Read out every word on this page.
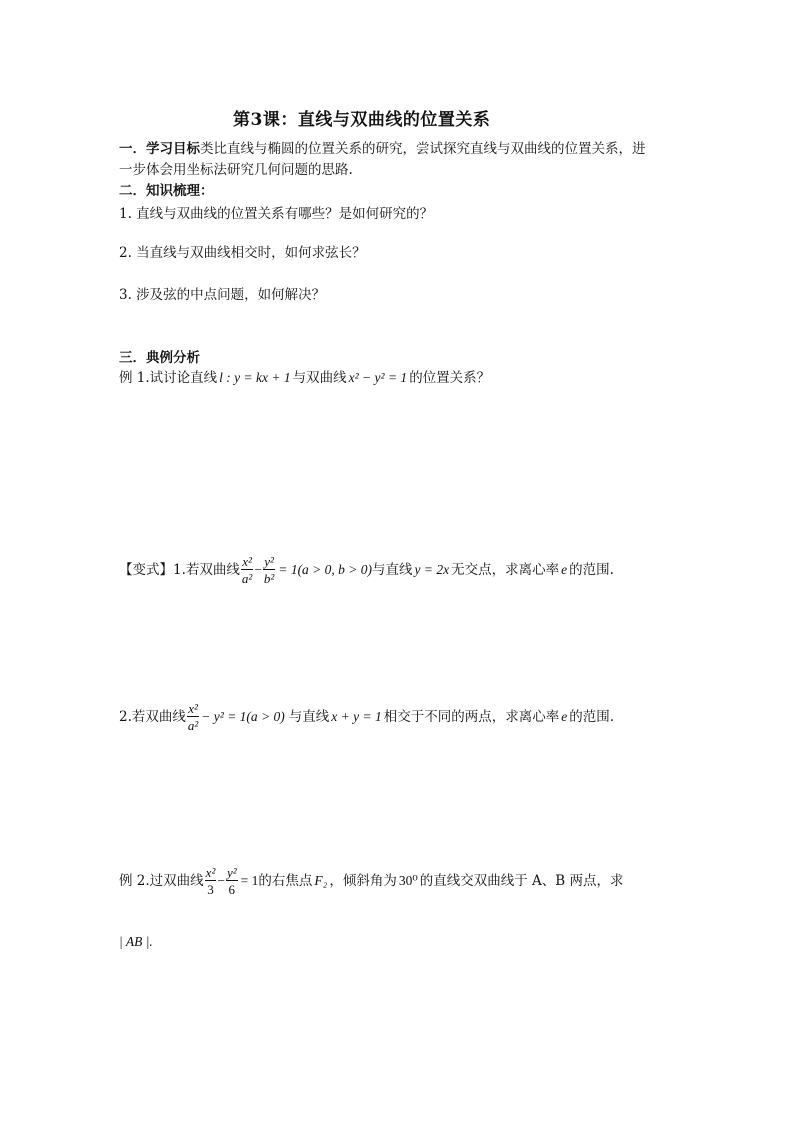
第3课：直线与双曲线的位置关系
一．学习目标类比直线与椭圆的位置关系的研究，尝试探究直线与双曲线的位置关系，进
一步体会用坐标法研究几何问题的思路.
二．知识梳理：
1. 直线与双曲线的位置关系有哪些？是如何研究的？
2. 当直线与双曲线相交时，如何求弦长？
3. 涉及弦的中点问题，如何解决？
三．典例分析
例 1.试讨论直线 l : y = kx + 1 与双曲线 x² − y² = 1 的位置关系？
【变式】1.若双曲线 $\frac{\text{x²}}{\text{a²}} - \frac{\text{y²}}{\text{b²}} = 1(a > 0$, b > 0) 与直线 y = 2x 无交点，求离心率 e 的范围.
2.若双曲线 $\frac{\text{x²}}{\text{a²}} - y^2 = 1(a > 0)$ 与直线 x + y = 1 相交于不同的两点，求离心率 e 的范围.
例 2.过双曲线 $\frac{\text{x²}}{3} - \frac{\text{y²}}{6} = 1$ 的右焦点 F₂ ，倾斜角为 30⁰ 的直线交双曲线于 A、B 两点，求
| AB |.
